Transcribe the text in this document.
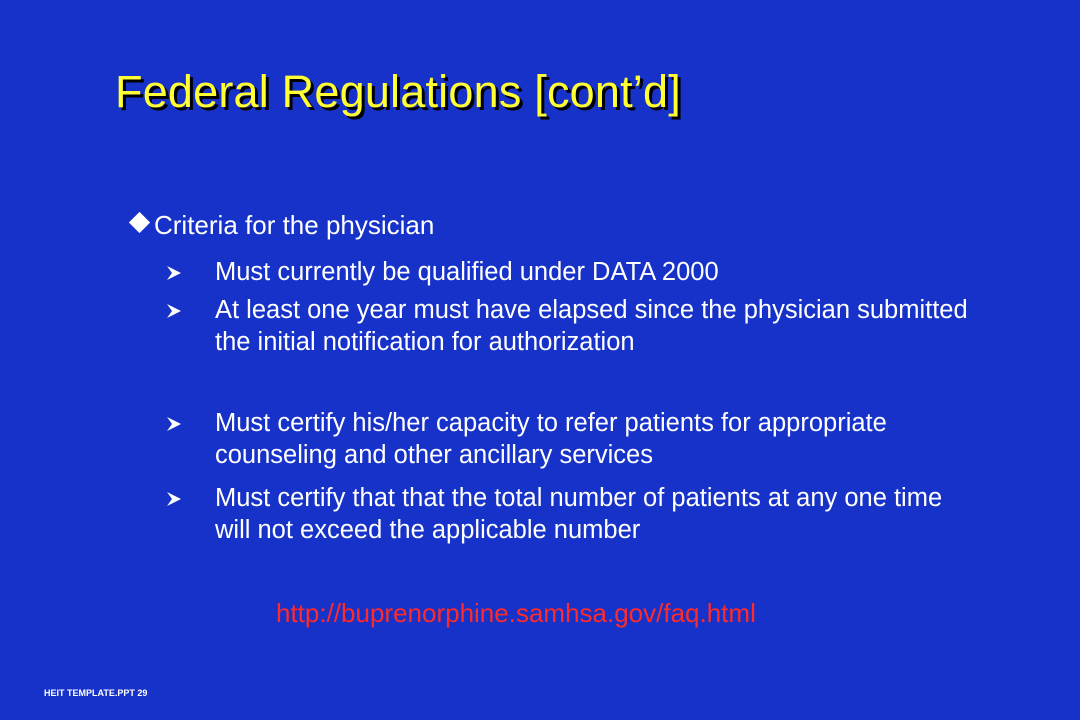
Federal Regulations [cont’d]
Criteria for the physician
Must currently be qualified under DATA 2000
At least one year must have elapsed since the physician submitted the initial notification for authorization
Must certify his/her capacity to refer patients for appropriate counseling and other ancillary services
Must certify that that the total number of patients at any one time will not exceed the applicable number
http://buprenorphine.samhsa.gov/faq.html
HEIT TEMPLATE.PPT 29
